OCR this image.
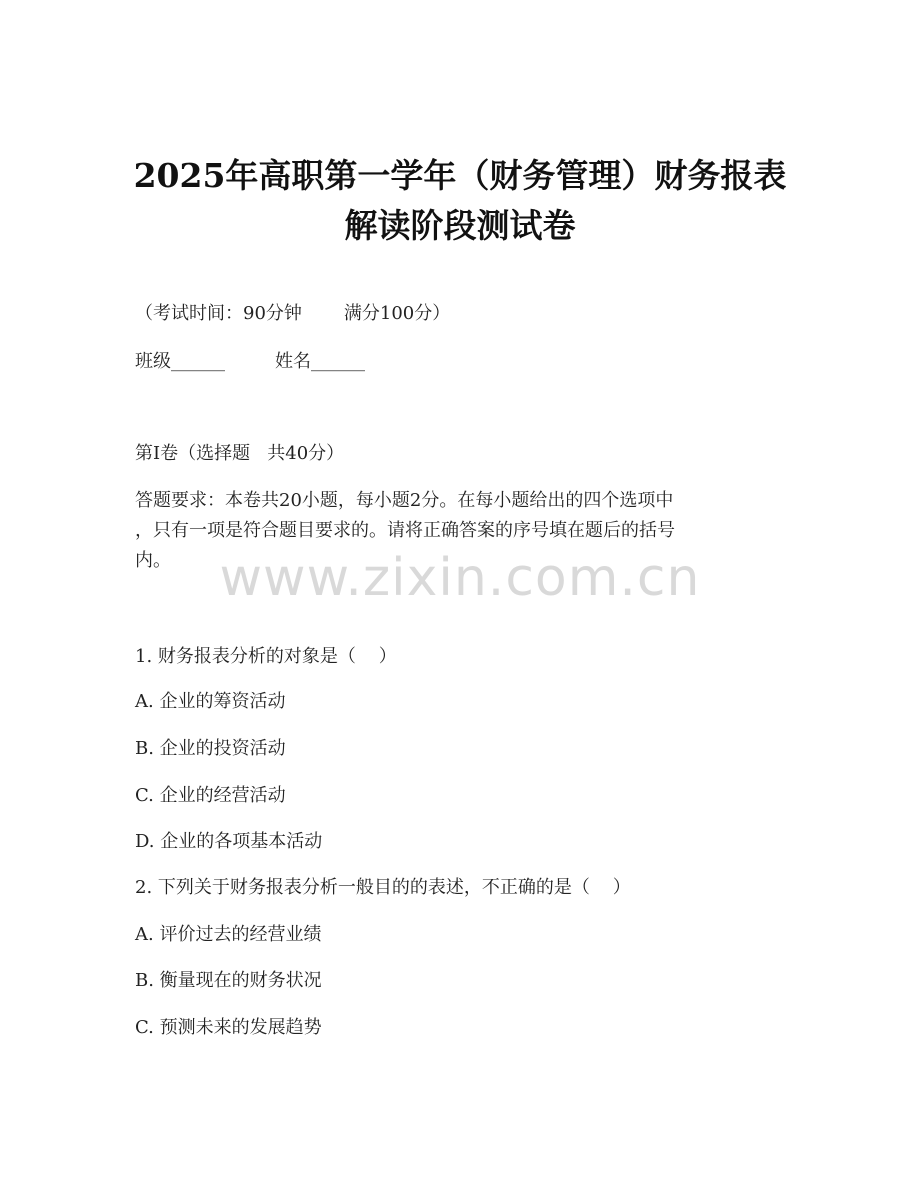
2025年高职第一学年（财务管理）财务报表
解读阶段测试卷
（考试时间：90分钟 满分100分）
班级______	姓名______
第I卷（选择题   共40分）
答题要求：本卷共20小题，每小题2分。在每小题给出的四个选项中
，只有一项是符合题目要求的。请将正确答案的序号填在题后的括号
内。 www.zixin.com.cn
1. 财务报表分析的对象是（    ）
A. 企业的筹资活动
B. 企业的投资活动
C. 企业的经营活动
D. 企业的各项基本活动
2. 下列关于财务报表分析一般目的的表述，不正确的是（    ）
A. 评价过去的经营业绩
B. 衡量现在的财务状况
C. 预测未来的发展趋势
